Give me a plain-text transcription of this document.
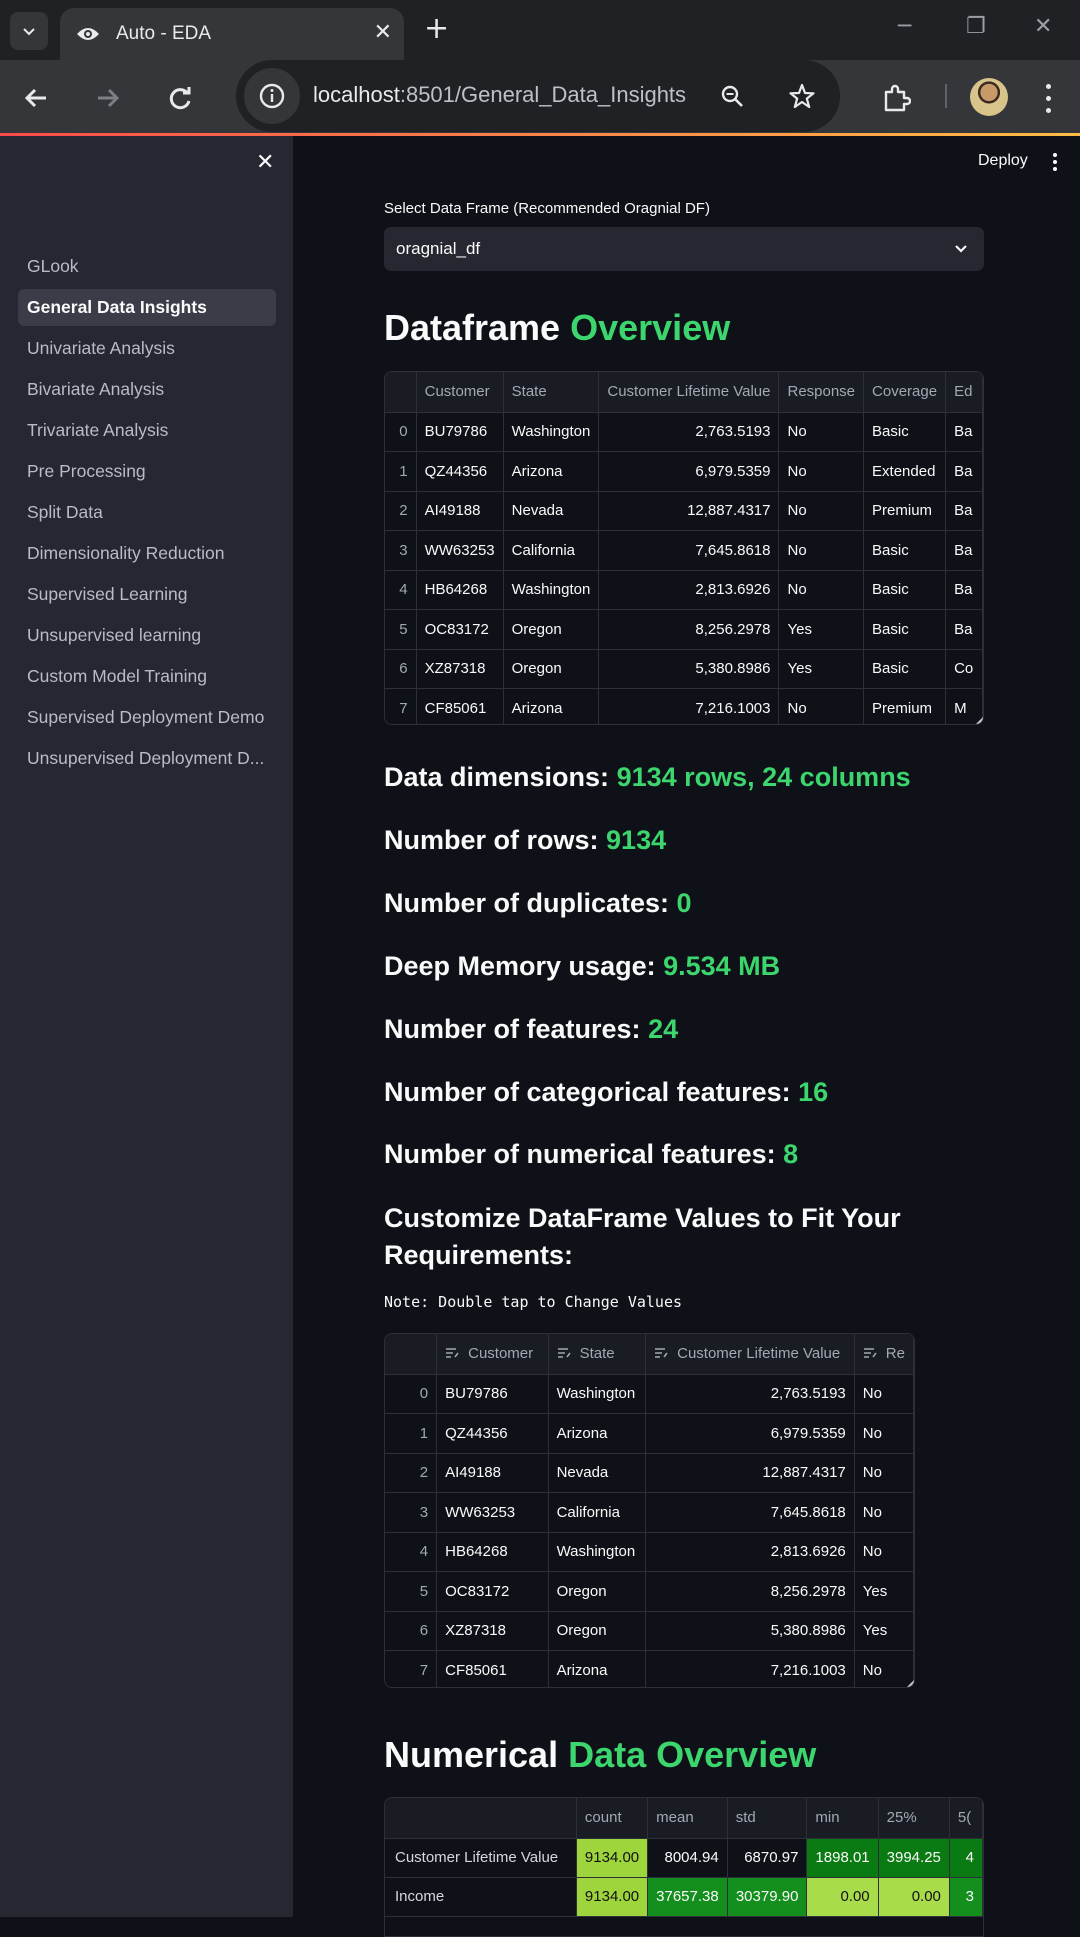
Auto - EDA	✕ +	─ ❐ ✕
localhost:8501/General_Data_Insights
✕
GLook
General Data Insights
Univariate Analysis
Bivariate Analysis
Trivariate Analysis
Pre Processing
Split Data
Dimensionality Reduction
Supervised Learning
Unsupervised learning
Custom Model Training
Supervised Deployment Demo
Unsupervised Deployment D...
Deploy
Select Data Frame (Recommended Oragnial DF)
oragnial_df
Dataframe Overview
	Customer	State	Customer Lifetime Value	Response	Coverage	Ed
0	BU79786	Washington	2,763.5193	No	Basic	Ba
1	QZ44356	Arizona	6,979.5359	No	Extended	Ba
2	AI49188	Nevada	12,887.4317	No	Premium	Ba
3	WW63253	California	7,645.8618	No	Basic	Ba
4	HB64268	Washington	2,813.6926	No	Basic	Ba
5	OC83172	Oregon	8,256.2978	Yes	Basic	Ba
6	XZ87318	Oregon	5,380.8986	Yes	Basic	Co
7	CF85061	Arizona	7,216.1003	No	Premium	M
Data dimensions: 9134 rows, 24 columns
Number of rows: 9134
Number of duplicates: 0
Deep Memory usage: 9.534 MB
Number of features: 24
Number of categorical features: 16
Number of numerical features: 8
Customize DataFrame Values to Fit Your
Requirements:
Note: Double tap to Change Values
	Customer	State	Customer Lifetime Value	Re
0	BU79786	Washington	2,763.5193	No
1	QZ44356	Arizona	6,979.5359	No
2	AI49188	Nevada	12,887.4317	No
3	WW63253	California	7,645.8618	No
4	HB64268	Washington	2,813.6926	No
5	OC83172	Oregon	8,256.2978	Yes
6	XZ87318	Oregon	5,380.8986	Yes
7	CF85061	Arizona	7,216.1003	No
Numerical Data Overview
	count	mean	std	min	25%	5(
Customer Lifetime Value	9134.00	8004.94	6870.97	1898.01	3994.25	4
Income	9134.00	37657.38	30379.90	0.00	0.00	3
